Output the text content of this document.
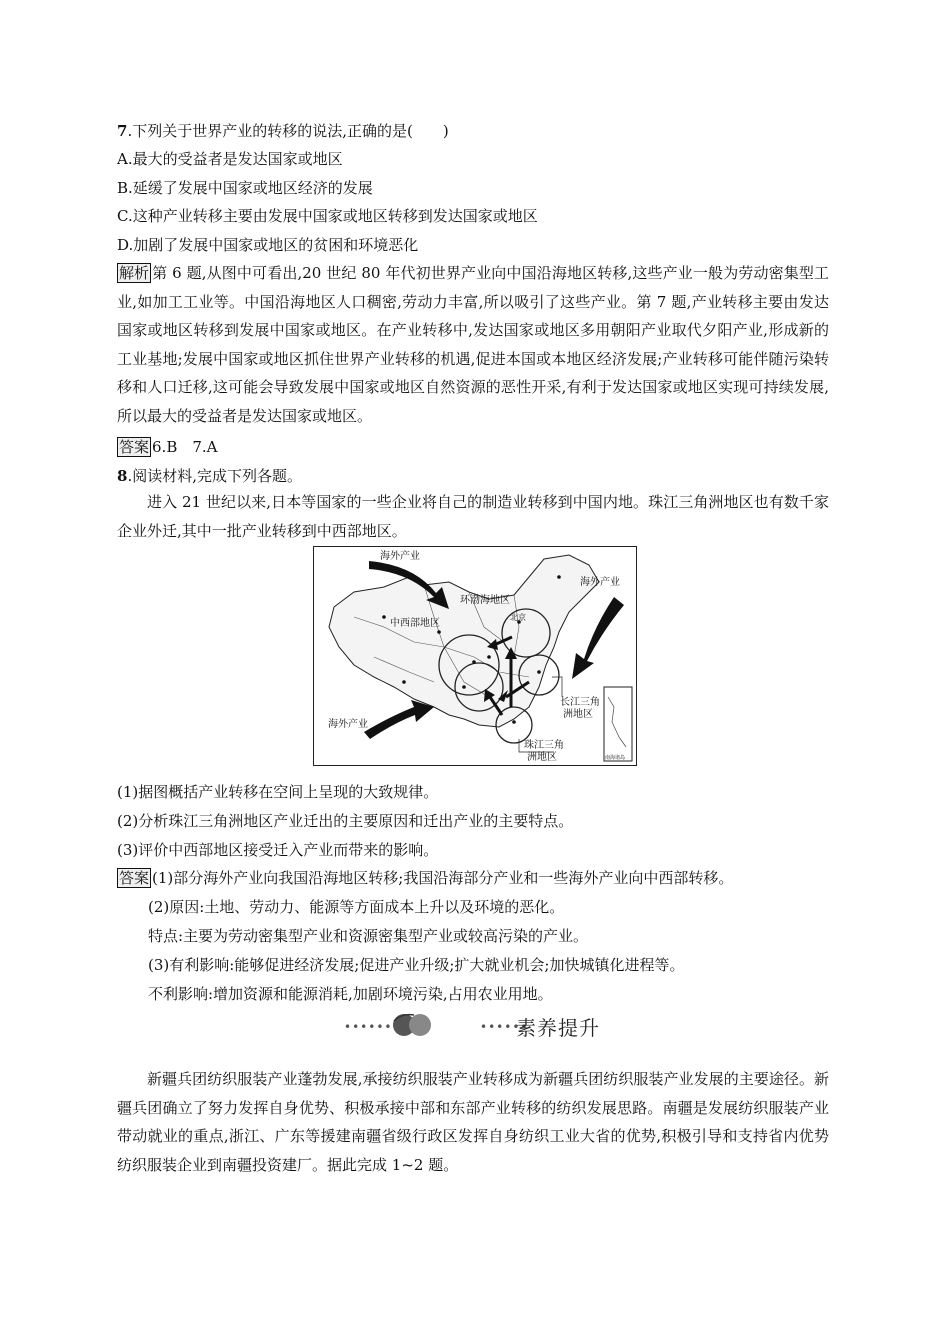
7.下列关于世界产业的转移的说法,正确的是(　　)
A.最大的受益者是发达国家或地区
B.延缓了发展中国家或地区经济的发展
C.这种产业转移主要由发展中国家或地区转移到发达国家或地区
D.加剧了发展中国家或地区的贫困和环境恶化
解析 第 6 题,从图中可看出,20 世纪 80 年代初世界产业向中国沿海地区转移,这些产业一般为劳动密集型工业,如加工工业等。中国沿海地区人口稠密,劳动力丰富,所以吸引了这些产业。第 7 题,产业转移主要由发达国家或地区转移到发展中国家或地区。在产业转移中,发达国家或地区多用朝阳产业取代夕阳产业,形成新的工业基地;发展中国家或地区抓住世界产业转移的机遇,促进本国或本地区经济发展;产业转移可能伴随污染转移和人口迁移,这可能会导致发展中国家或地区自然资源的恶性开采,有利于发达国家或地区实现可持续发展,所以最大的受益者是发达国家或地区。
答案 6.B　7.A
8.阅读材料,完成下列各题。
进入 21 世纪以来,日本等国家的一些企业将自己的制造业转移到中国内地。珠江三角洲地区也有数千家企业外迁,其中一批产业转移到中西部地区。
海外产业
海外产业
海外产业
环渤海地区
中西部地区
北京
长江三角
洲地区
珠江三角
洲地区	南海诸岛
(1)据图概括产业转移在空间上呈现的大致规律。
(2)分析珠江三角洲地区产业迁出的主要原因和迁出产业的主要特点。
(3)评价中西部地区接受迁入产业而带来的影响。
答案 (1)部分海外产业向我国沿海地区转移;我国沿海部分产业和一些海外产业向中西部转移。
(2)原因:土地、劳动力、能源等方面成本上升以及环境的恶化。
特点:主要为劳动密集型产业和资源密集型产业或较高污染的产业。
(3)有利影响:能够促进经济发展;促进产业升级;扩大就业机会;加快城镇化进程等。
不利影响:增加资源和能源消耗,加剧环境污染,占用农业用地。
••••••	••••••
素养提升
新疆兵团纺织服装产业蓬勃发展,承接纺织服装产业转移成为新疆兵团纺织服装产业发展的主要途径。新疆兵团确立了努力发挥自身优势、积极承接中部和东部产业转移的纺织发展思路。南疆是发展纺织服装产业带动就业的重点,浙江、广东等援建南疆省级行政区发挥自身纺织工业大省的优势,积极引导和支持省内优势纺织服装企业到南疆投资建厂。据此完成 1~2 题。
